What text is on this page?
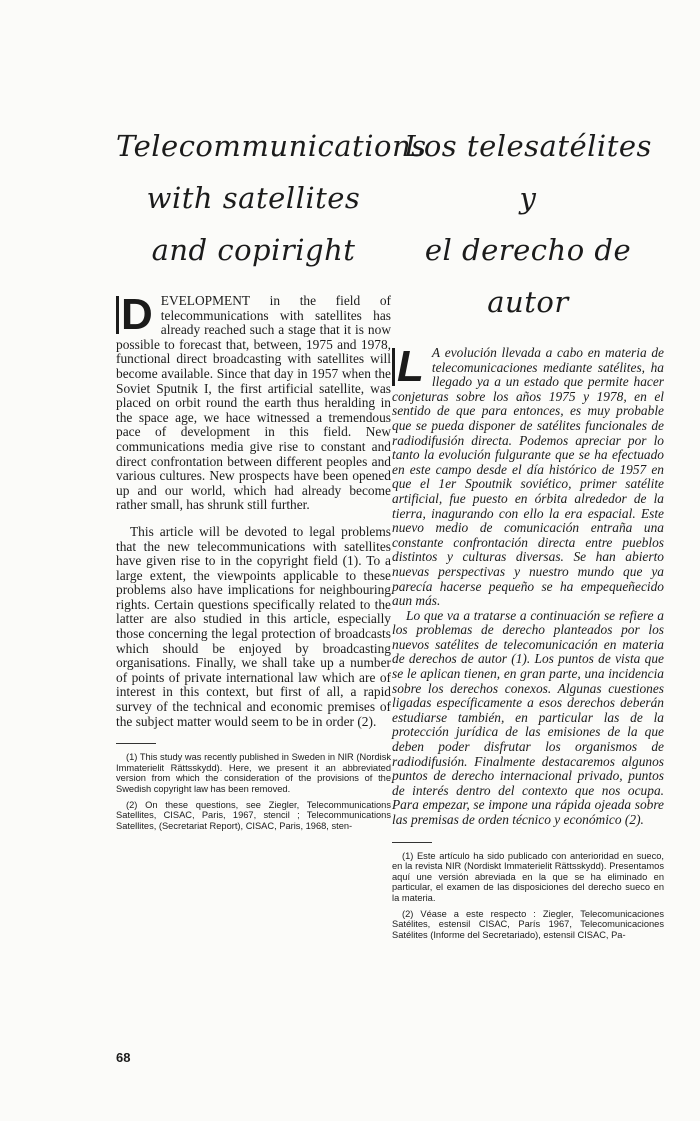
Telecommunications
with satellites
and copiright

D EVELOPMENT in the field of telecommunications with satellites has already reached such a stage that it is now possible to forecast that, between, 1975 and 1978, functional direct broadcasting with satellites will become available. Since that day in 1957 when the Soviet Sputnik I, the first artificial satellite, was placed on orbit round the earth thus heralding in the space age, we hace witnessed a tremendous pace of development in this field. New communications media give rise to constant and direct confrontation between different peoples and various cultures. New prospects have been opened up and our world, which had already become rather small, has shrunk still further.

This article will be devoted to legal problems that the new telecommunications with satellites have given rise to in the copyright field (1). To a large extent, the viewpoints applicable to these problems also have implications for neighbouring rights. Certain questions specifically related to the latter are also studied in this article, especially those concerning the legal protection of broadcasts which should be enjoyed by broadcasting organisations. Finally, we shall take up a number of points of private international law which are of interest in this context, but first of all, a rapid survey of the technical and economic premises of the subject matter would seem to be in order (2).

(1) This study was recently published in Sweden in NIR (Nordisk Immaterielit Rättsskydd). Here, we present it an abbreviated version from which the consideration of the provisions of the Swedish copyright law has been removed.

(2) On these questions, see Ziegler, Telecommunications Satellites, CISAC, Paris, 1967, stencil ; Telecommunications Satellites, (Secretariat Report), CISAC, Paris, 1968, sten-

Los telesatélites
y
el derecho de autor

L A evolución llevada a cabo en materia de telecomunicaciones mediante satélites, ha llegado ya a un estado que permite hacer conjeturas sobre los años 1975 y 1978, en el sentido de que para entonces, es muy probable que se pueda disponer de satélites funcionales de radiodifusión directa. Podemos apreciar por lo tanto la evolución fulgurante que se ha efectuado en este campo desde el día histórico de 1957 en que el 1er Spoutnik soviético, primer satélite artificial, fue puesto en órbita alrededor de la tierra, inagurando con ello la era espacial. Este nuevo medio de comunicación entraña una constante confrontación directa entre pueblos distintos y culturas diversas. Se han abierto nuevas perspectivas y nuestro mundo que ya parecía hacerse pequeño se ha empequeñecido aun más.

Lo que va a tratarse a continuación se refiere a los problemas de derecho planteados por los nuevos satélites de telecomunicación en materia de derechos de autor (1). Los puntos de vista que se le aplican tienen, en gran parte, una incidencia sobre los derechos conexos. Algunas cuestiones ligadas específicamente a esos derechos deberán estudiarse también, en particular las de la protección jurídica de las emisiones de la que deben poder disfrutar los organismos de radiodifusión. Finalmente destacaremos algunos puntos de derecho internacional privado, puntos de interés dentro del contexto que nos ocupa. Para empezar, se impone una rápida ojeada sobre las premisas de orden técnico y económico (2).

(1) Este artículo ha sido publicado con anterioridad en sueco, en la revista NIR (Nordiskt Immaterielit Rättsskydd). Presentamos aquí une versión abreviada en la que se ha eliminado en particular, el examen de las disposiciones del derecho sueco en la materia.

(2) Véase a este respecto : Ziegler, Telecomunicaciones Satélites, estensil CISAC, París 1967, Telecomunicaciones Satélites (Informe del Secretariado), estensil CISAC, Pa-

68
